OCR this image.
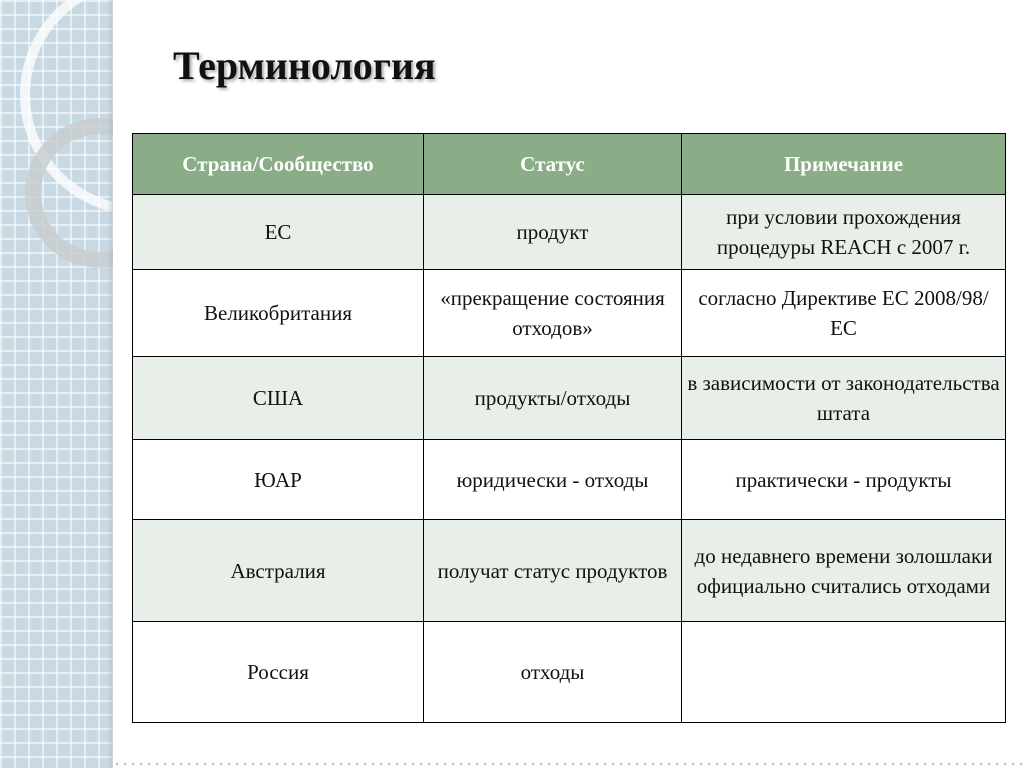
Терминология
Страна/Сообщество	Статус	Примечание
ЕС	продукт	при условии прохождения процедуры REACH с 2007 г.
Великобритания	«прекращение состояния отходов»	согласно Директиве ЕС 2008/98/ЕС
США	продукты/отходы	в зависимости от законодательства штата
ЮАР	юридически - отходы	практически - продукты
Австралия	получат статус продуктов	до недавнего времени золошлаки официально считались отходами
Россия	отходы	
